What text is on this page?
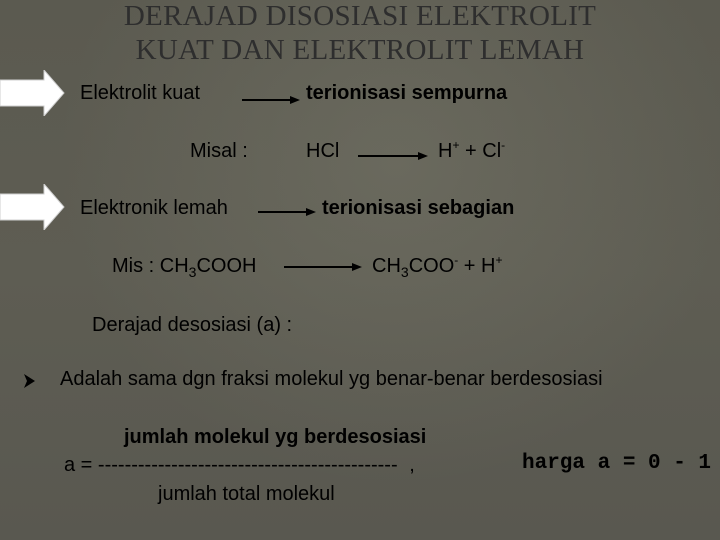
DERAJAD DISOSIASI ELEKTROLIT
KUAT DAN ELEKTROLIT LEMAH
Elektrolit kuat	terionisasi sempurna
Misal :	HCl	H+ + Cl-
Elektronik lemah	terionisasi sebagian
Mis : $CH_3COOH$	$CH_3COO^- + H^+$
Derajad desosiasi (a) :
Adalah sama dgn fraksi molekul yg benar-benar berdesosiasi
jumlah molekul yg berdesosiasi
a = --------------------------------------------- ,	harga a = 0 - 1
jumlah total molekul
